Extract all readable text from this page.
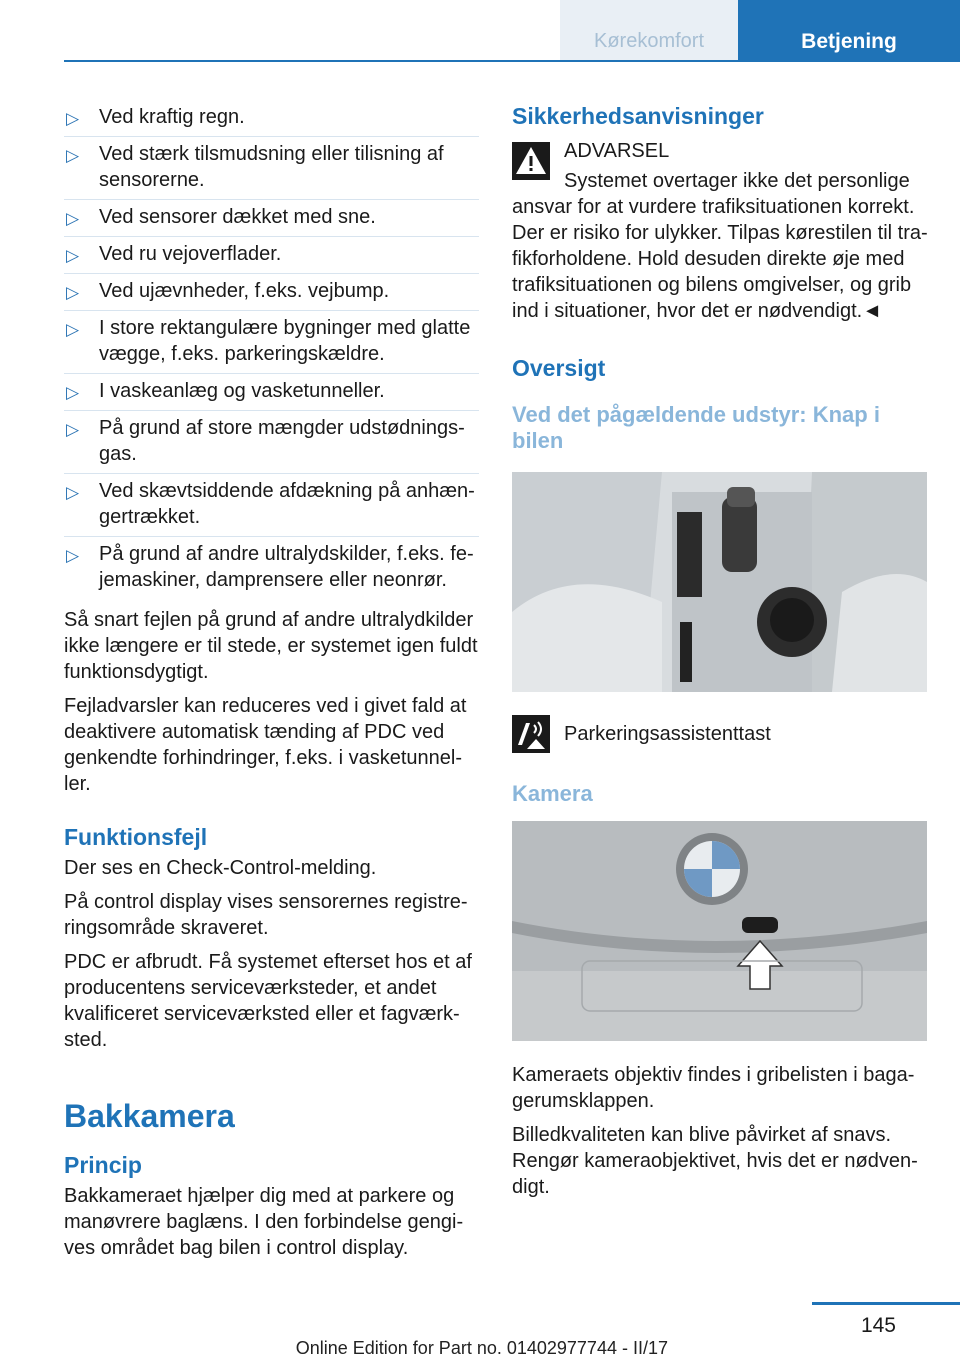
Kørekomfort	Betjening
▷ Ved kraftig regn.
▷ Ved stærk tilsmudsning eller tilisning af sensorerne.
▷ Ved sensorer dækket med sne.
▷ Ved ru vejoverflader.
▷ Ved ujævnheder, f.eks. vejbump.
▷ I store rektangulære bygninger med glatte vægge, f.eks. parkeringskældre.
▷ I vaskeanlæg og vasketunneller.
▷ På grund af store mængder udstødnings- gas.
▷ Ved skævtsiddende afdækning på anhæn- gertrækket.
▷ På grund af andre ultralydskilder, f.eks. fe- jemaskiner, damprensere eller neonrør.

Så snart fejlen på grund af andre ultralydkilder ikke længere er til stede, er systemet igen fuldt funktionsdygtigt.

Fejladvarsler kan reduceres ved i givet fald at deaktivere automatisk tænding af PDC ved genkendte forhindringer, f.eks. i vasketunnel- ler.

Funktionsfejl

Der ses en Check-Control-melding.

På control display vises sensorernes registre- ringsområde skraveret.

PDC er afbrudt. Få systemet efterset hos et af producentens serviceværksteder, et andet kvalificeret serviceværksted eller et fagværk- sted.

Bakkamera
Princip

Bakkameraet hjælper dig med at parkere og manøvrere baglæns. I den forbindelse gengi- ves området bag bilen i control display.

Sikkerhedsanvisninger
ADVARSEL
Systemet overtager ikke det personlige ansvar for at vurdere trafiksituationen korrekt. Der er risiko for ulykker. Tilpas kørestilen til tra- fikforholdene. Hold desuden direkte øje med trafiksituationen og bilens omgivelser, og grib ind i situationer, hvor det er nødvendigt.◄
Oversigt
Ved det pågældende udstyr: Knap i bilen
Parkeringsassistenttast
Kamera

Kameraets objektiv findes i gribelisten i baga- gerumsklappen.

Billedkvaliteten kan blive påvirket af snavs. Rengør kameraobjektivet, hvis det er nødven- digt.

145
Online Edition for Part no. 01402977744 - II/17
